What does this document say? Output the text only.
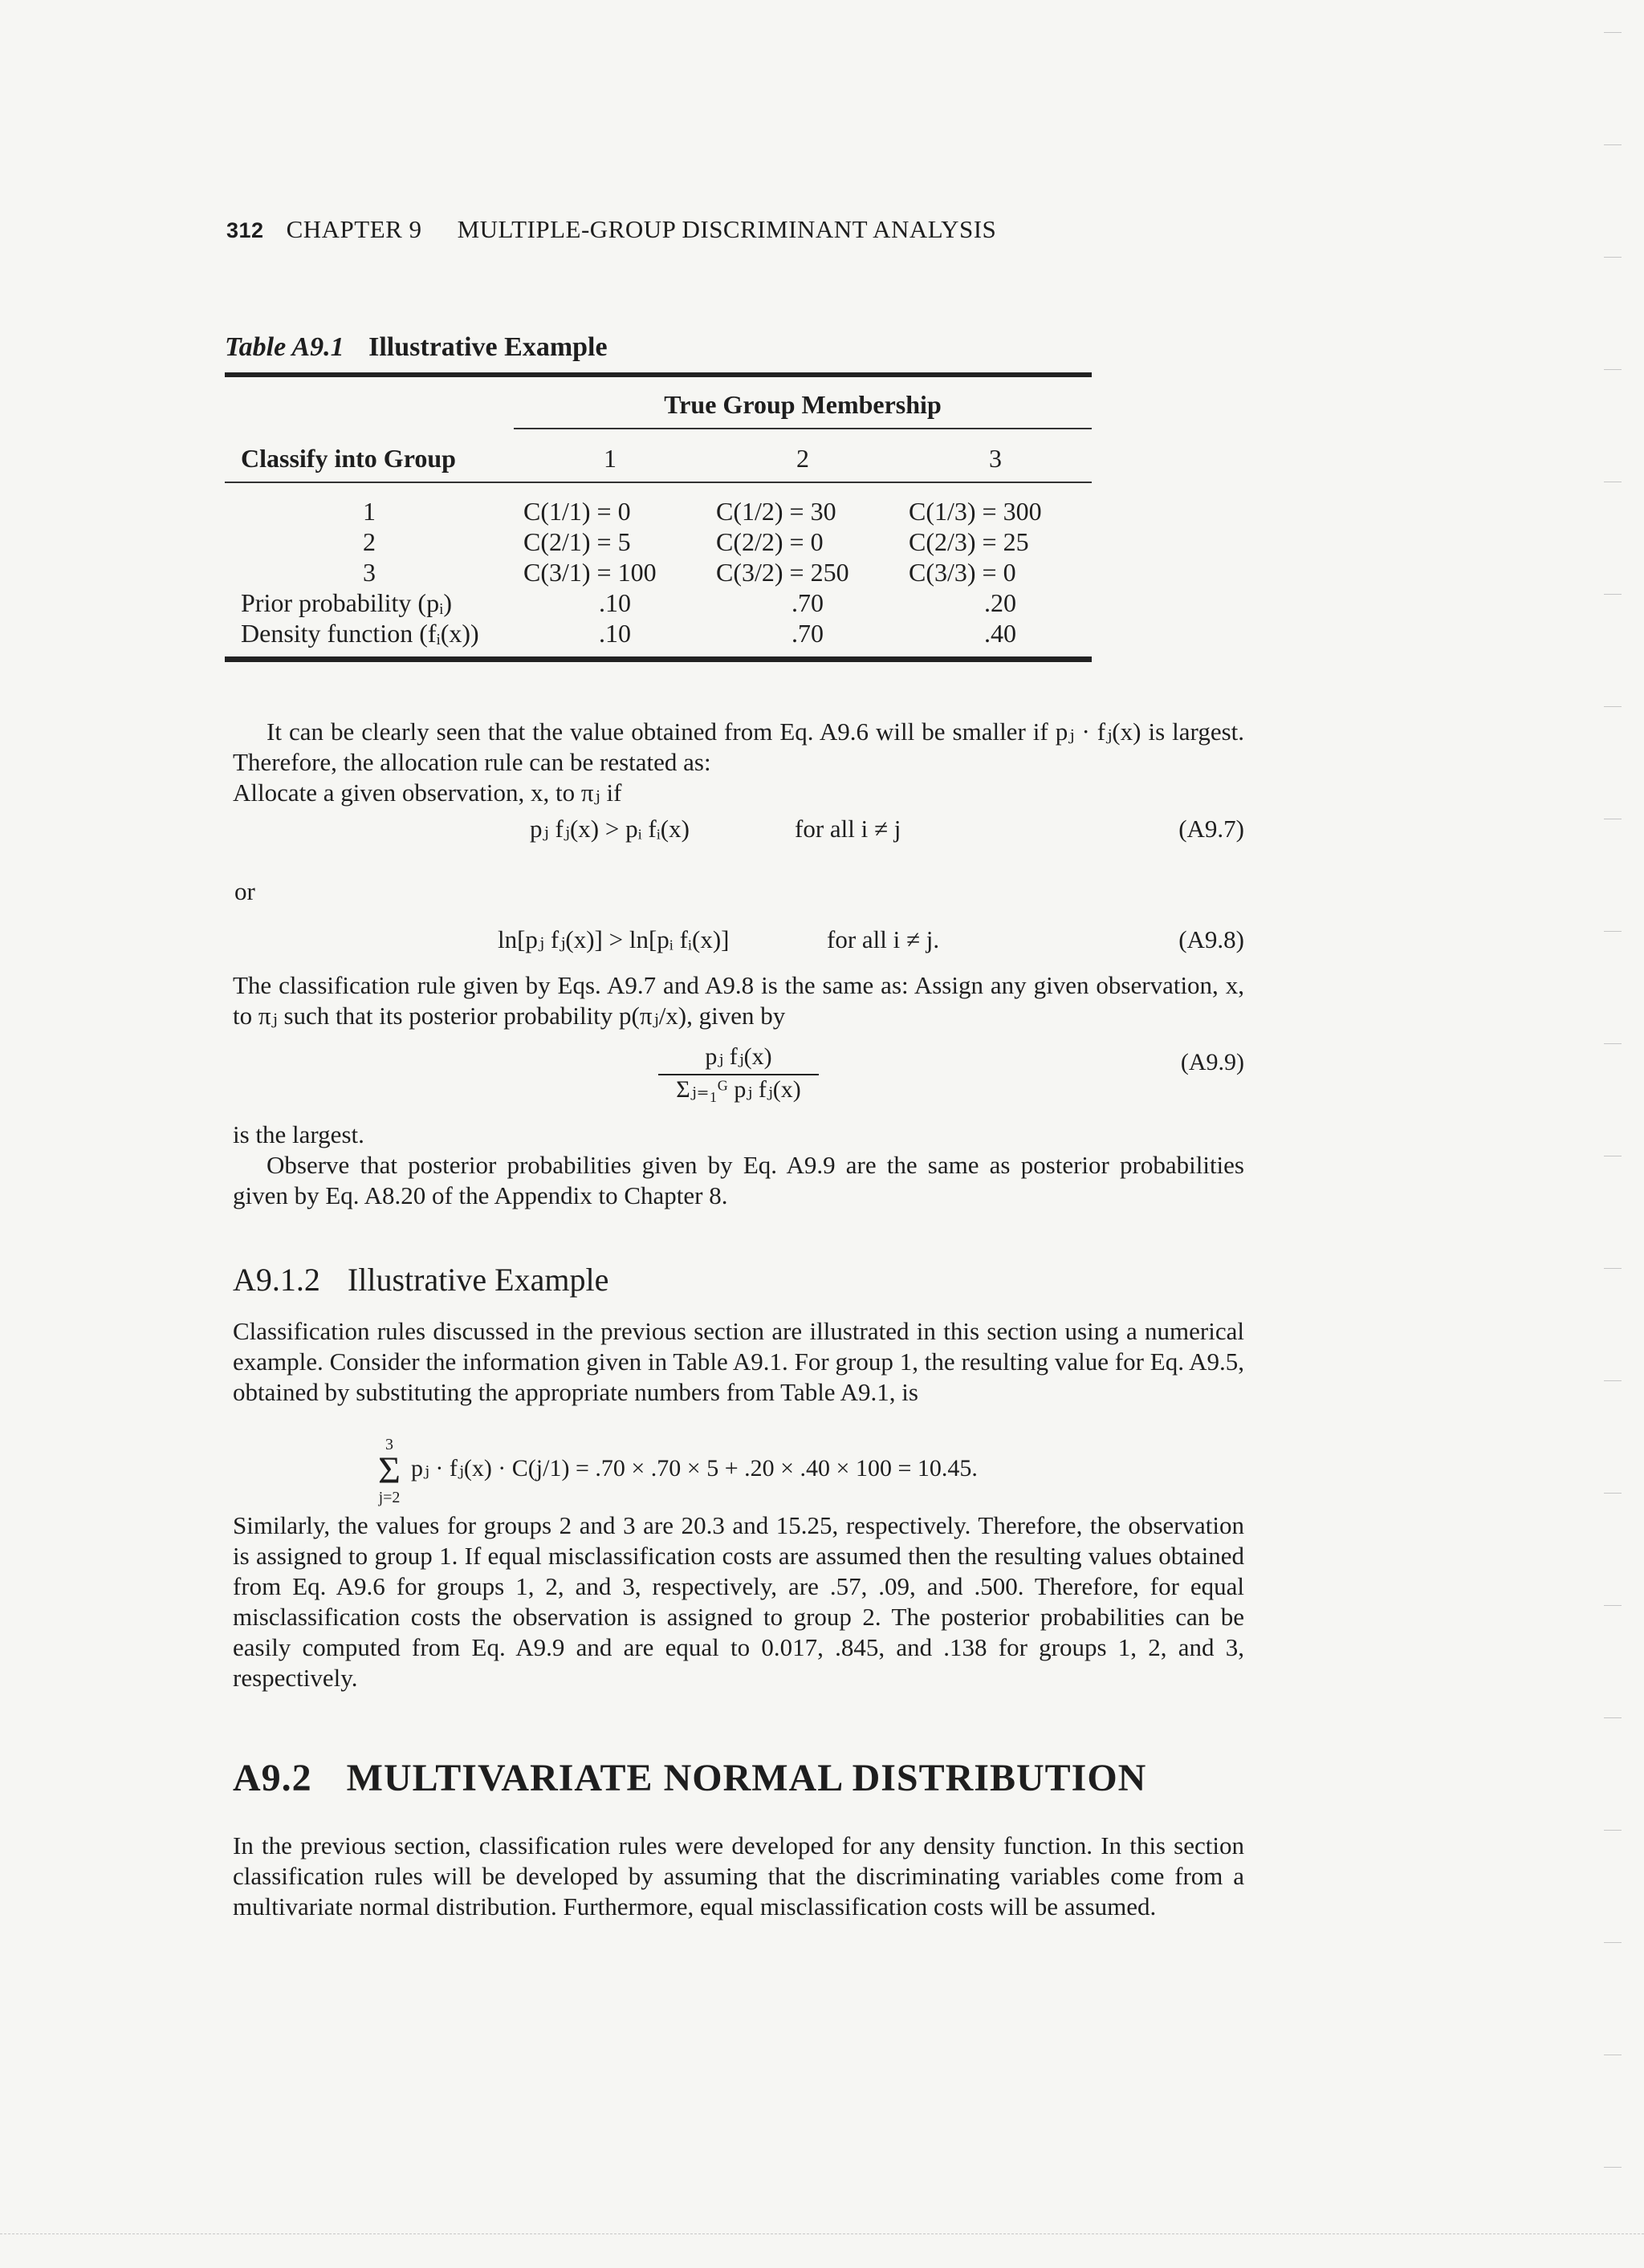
312 CHAPTER 9 MULTIPLE-GROUP DISCRIMINANT ANALYSIS
Table A9.1 Illustrative Example
True Group Membership
Classify into Group	1	2	3
1	C(1/1) = 0	C(1/2) = 30	C(1/3) = 300
2	C(2/1) = 5	C(2/2) = 0	C(2/3) = 25
3	C(3/1) = 100	C(3/2) = 250	C(3/3) = 0
Prior probability (pᵢ)	.10	.70	.20
Density function (fᵢ(x))	.10	.70	.40
It can be clearly seen that the value obtained from Eq. A9.6 will be smaller if pⱼ · fⱼ(x) is largest. Therefore, the allocation rule can be restated as:
Allocate a given observation, x, to πⱼ if
pⱼ fⱼ(x) > pᵢ fᵢ(x)	for all i ≠ j	(A9.7)
or
ln[pⱼ fⱼ(x)] > ln[pᵢ fᵢ(x)]	for all i ≠ j.	(A9.8)
The classification rule given by Eqs. A9.7 and A9.8 is the same as: Assign any given observation, x, to πⱼ such that its posterior probability p(πⱼ/x), given by
$\frac{\text{pⱼ fⱼ(x)}}{\text{Σⱼ₌₁ᴳ pⱼ fⱼ(x)}}$	(A9.9)
is the largest.
Observe that posterior probabilities given by Eq. A9.9 are the same as posterior probabilities given by Eq. A8.20 of the Appendix to Chapter 8.
A9.1.2 Illustrative Example
Classification rules discussed in the previous section are illustrated in this section using a numerical example. Consider the information given in Table A9.1. For group 1, the resulting value for Eq. A9.5, obtained by substituting the appropriate numbers from Table A9.1, is
3
Σ
j=2
pⱼ · fⱼ(x) · C(j/1) = .70 × .70 × 5 + .20 × .40 × 100 = 10.45.
Similarly, the values for groups 2 and 3 are 20.3 and 15.25, respectively. Therefore, the observation is assigned to group 1. If equal misclassification costs are assumed then the resulting values obtained from Eq. A9.6 for groups 1, 2, and 3, respectively, are .57, .09, and .500. Therefore, for equal misclassification costs the observation is assigned to group 2. The posterior probabilities can be easily computed from Eq. A9.9 and are equal to 0.017, .845, and .138 for groups 1, 2, and 3, respectively.
A9.2 MULTIVARIATE NORMAL DISTRIBUTION
In the previous section, classification rules were developed for any density function. In this section classification rules will be developed by assuming that the discriminating variables come from a multivariate normal distribution. Furthermore, equal misclassification costs will be assumed.
